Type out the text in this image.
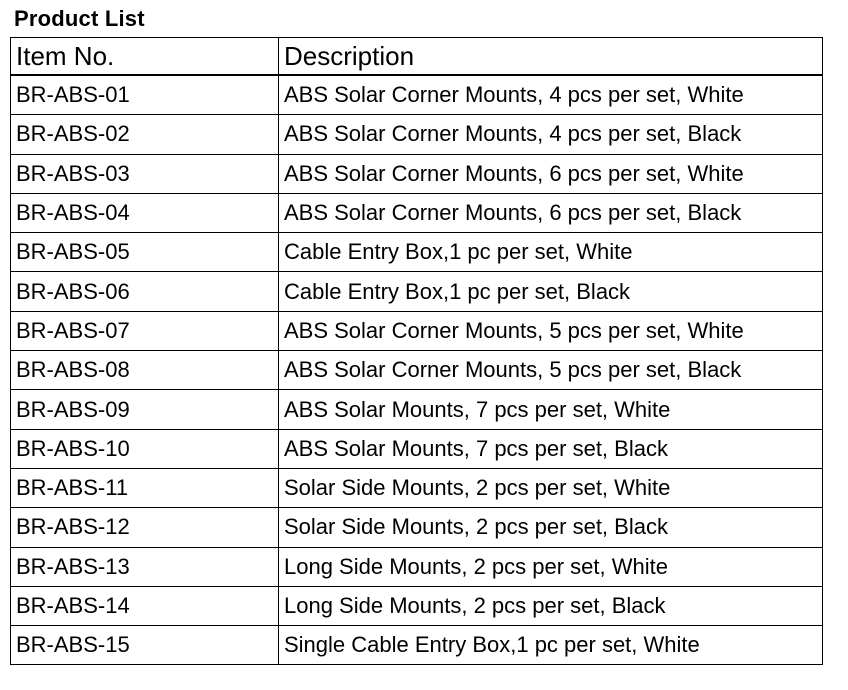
Product List
Item No.	Description
BR-ABS-01	ABS Solar Corner Mounts, 4 pcs per set, White
BR-ABS-02	ABS Solar Corner Mounts, 4 pcs per set, Black
BR-ABS-03	ABS Solar Corner Mounts, 6 pcs per set, White
BR-ABS-04	ABS Solar Corner Mounts, 6 pcs per set, Black
BR-ABS-05	Cable Entry Box,1 pc per set, White
BR-ABS-06	Cable Entry Box,1 pc per set, Black
BR-ABS-07	ABS Solar Corner Mounts, 5 pcs per set, White
BR-ABS-08	ABS Solar Corner Mounts, 5 pcs per set, Black
BR-ABS-09	ABS Solar Mounts, 7 pcs per set, White
BR-ABS-10	ABS Solar Mounts, 7 pcs per set, Black
BR-ABS-11	Solar Side Mounts, 2 pcs per set, White
BR-ABS-12	Solar Side Mounts, 2 pcs per set, Black
BR-ABS-13	Long Side Mounts, 2 pcs per set, White
BR-ABS-14	Long Side Mounts, 2 pcs per set, Black
BR-ABS-15	Single Cable Entry Box,1 pc per set, White
